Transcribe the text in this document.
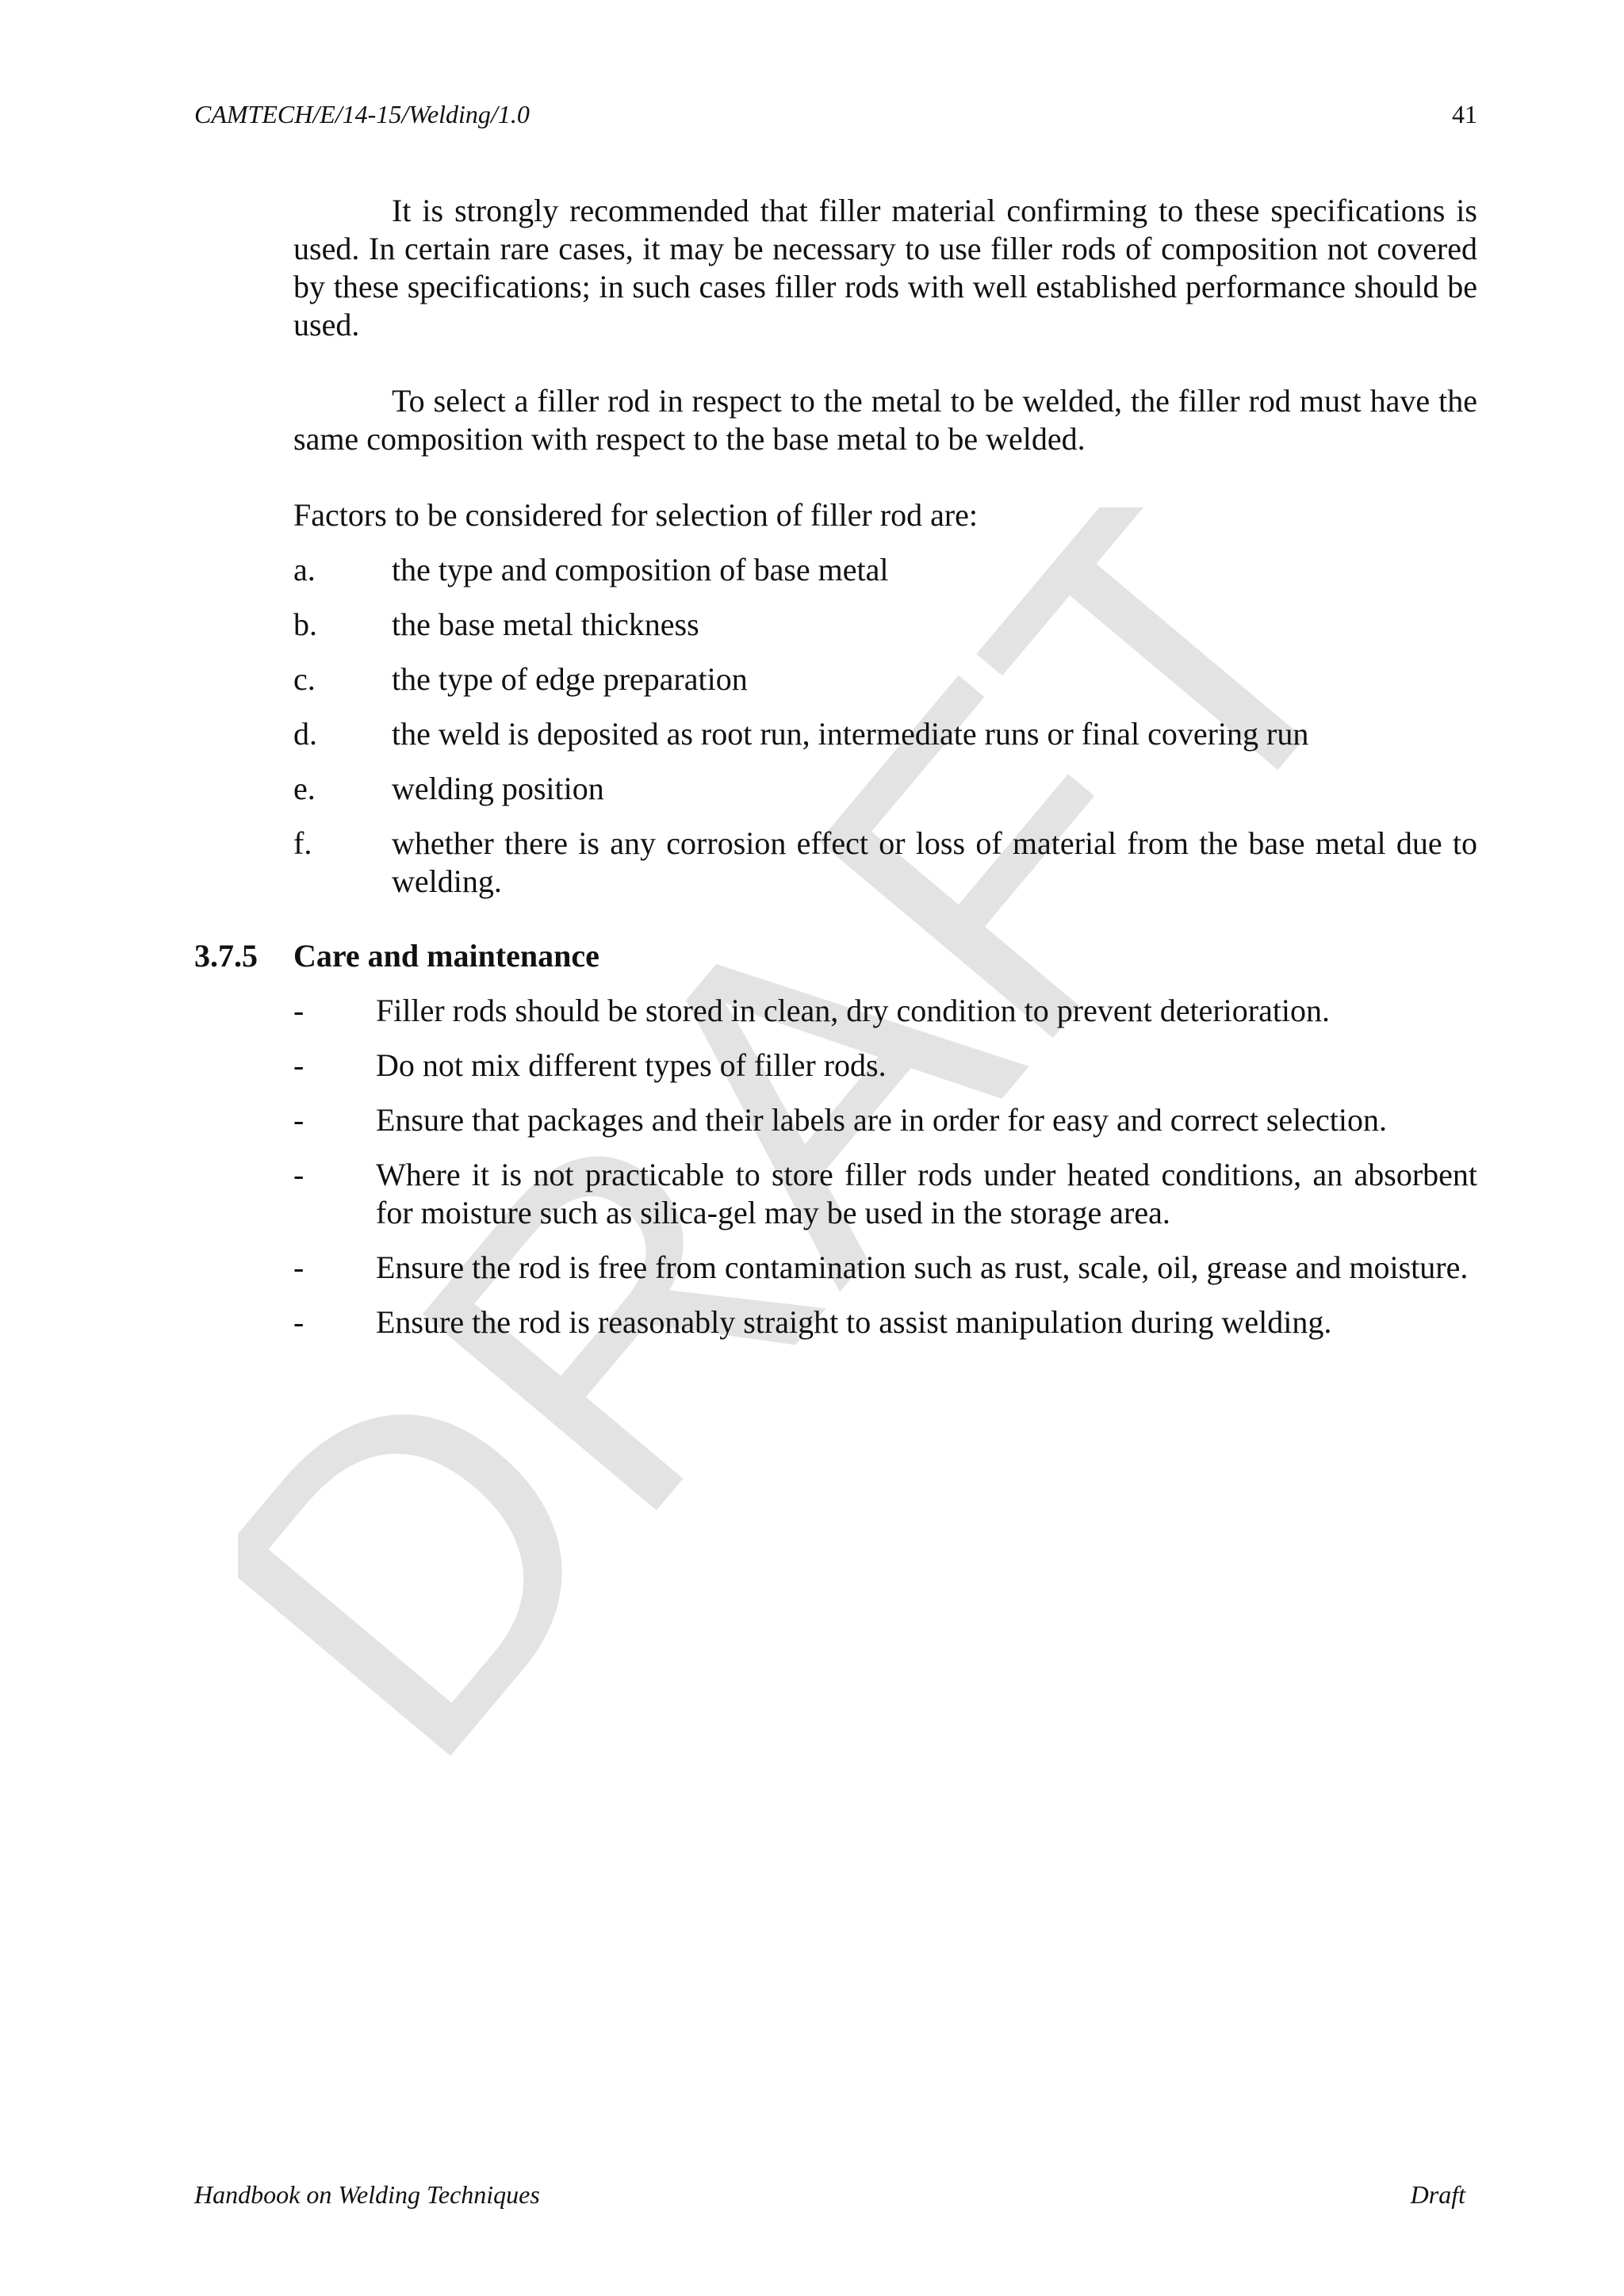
DRAFT
CAMTECH/E/14-15/Welding/1.0	41

It is strongly recommended that filler material confirming to these specifications is used. In certain rare cases, it may be necessary to use filler rods of composition not covered by these specifications; in such cases filler rods with well established performance should be used.

To select a filler rod in respect to the metal to be welded, the filler rod must have the same composition with respect to the base metal to be welded.

Factors to be considered for selection of filler rod are:

a.	the type and composition of base metal
b.	the base metal thickness
c.	the type of edge preparation
d.	the weld is deposited as root run, intermediate runs or final covering run
e.	welding position
f.	whether there is any corrosion effect or loss of material from the base metal due to welding.
3.7.5 Care and maintenance

- Filler rods should be stored in clean, dry condition to prevent deterioration.
- Do not mix different types of filler rods.
- Ensure that packages and their labels are in order for easy and correct selection.
- Where it is not practicable to store filler rods under heated conditions, an absorbent for moisture such as silica-gel may be used in the storage area.
- Ensure the rod is free from contamination such as rust, scale, oil, grease and moisture.
- Ensure the rod is reasonably straight to assist manipulation during welding.
Handbook on Welding Techniques	Draft
